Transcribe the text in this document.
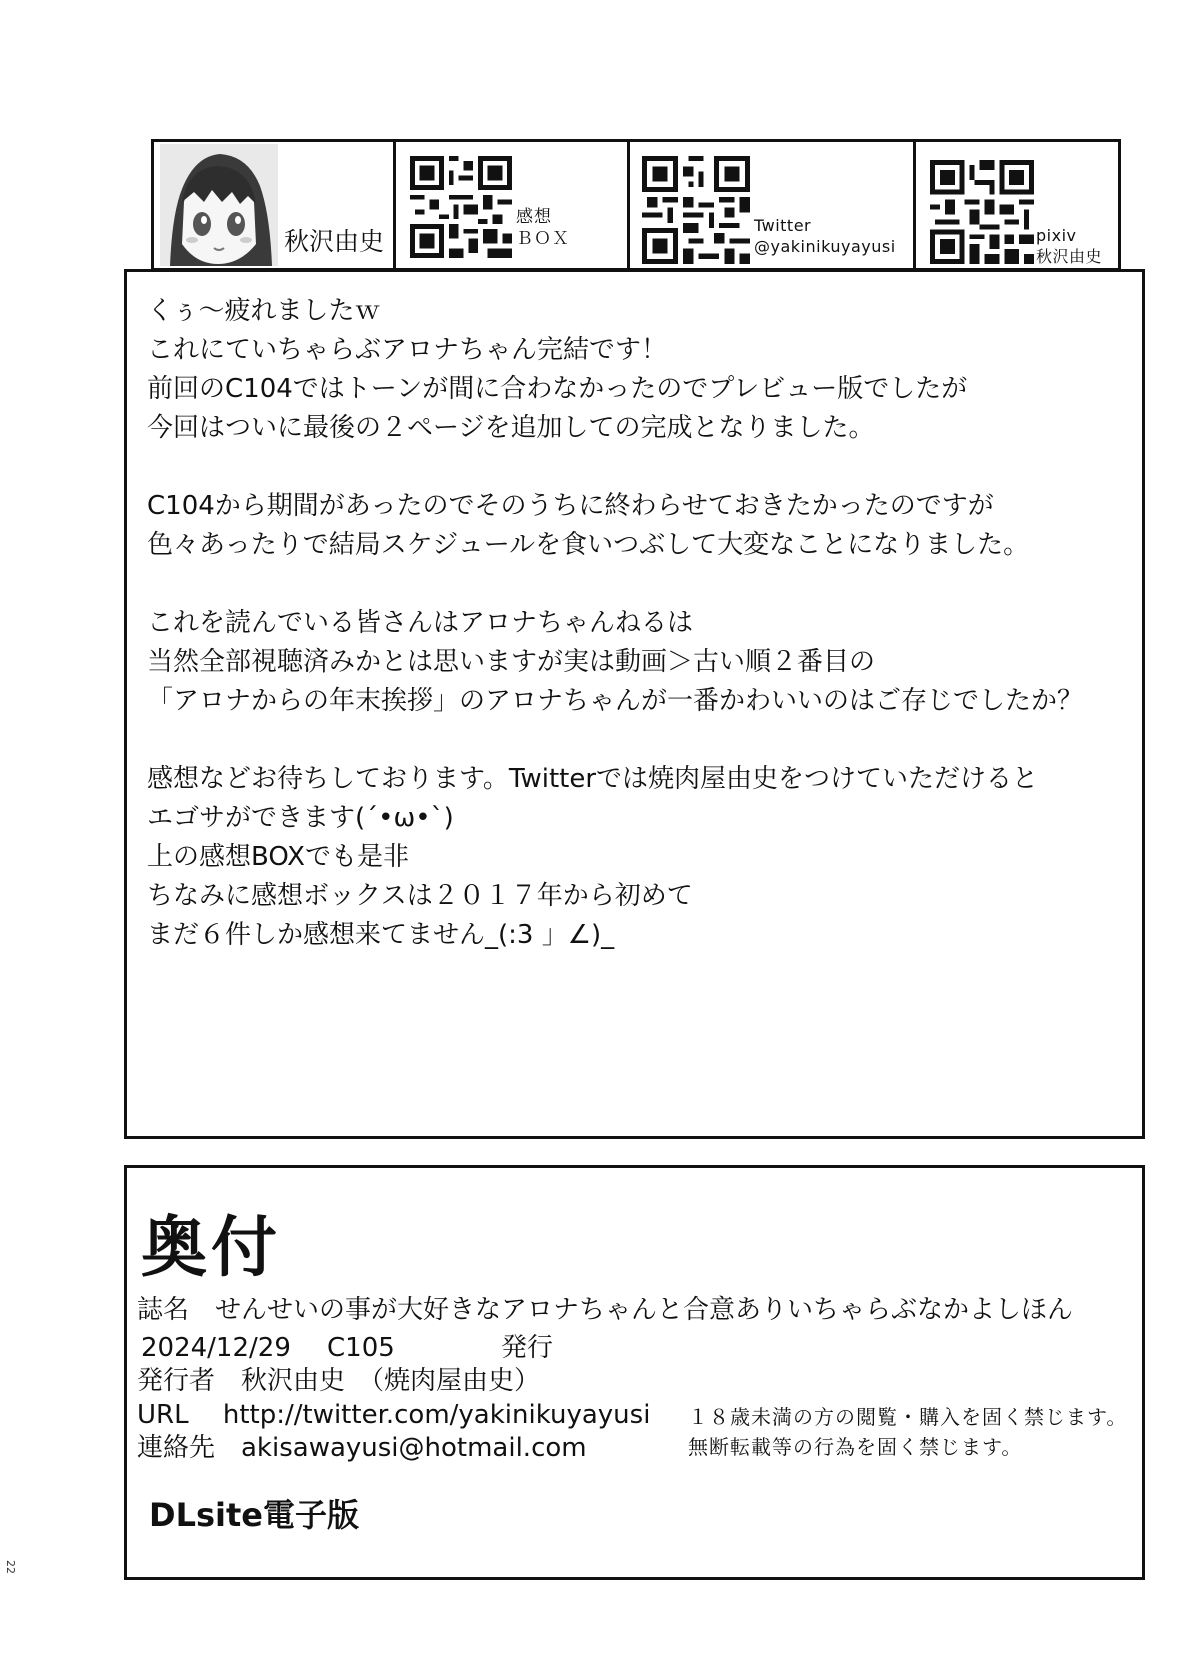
秋沢由史
感想
ＢＯＸ
Twitter
@yakinikuyayusi
pixiv
秋沢由史
くぅ〜疲れましたｗ
これにていちゃらぶアロナちゃん完結です！
前回のC104ではトーンが間に合わなかったのでプレビュー版でしたが
今回はついに最後の２ページを追加しての完成となりました。
C104から期間があったのでそのうちに終わらせておきたかったのですが
色々あったりで結局スケジュールを食いつぶして大変なことになりました。
これを読んでいる皆さんはアロナちゃんねるは
当然全部視聴済みかとは思いますが実は動画＞古い順２番目の
「アロナからの年末挨拶」のアロナちゃんが一番かわいいのはご存じでしたか？
感想などお待ちしております。Twitterでは焼肉屋由史をつけていただけると
エゴサができます(´•ω•`)
上の感想BOXでも是非
ちなみに感想ボックスは２０１７年から初めて
まだ６件しか感想来てません_(:3 」∠)_
奥付
誌名　せんせいの事が大好きなアロナちゃんと合意ありいちゃらぶなかよしほん
2024/12/29 C105	発行
発行者　秋沢由史　（焼肉屋由史）
URL　 http://twitter.com/yakinikuyayusi
連絡先　akisawayusi@hotmail.com
１８歳未満の方の閲覧・購入を固く禁じます。
無断転載等の行為を固く禁じます。
DLsite電子版
22
